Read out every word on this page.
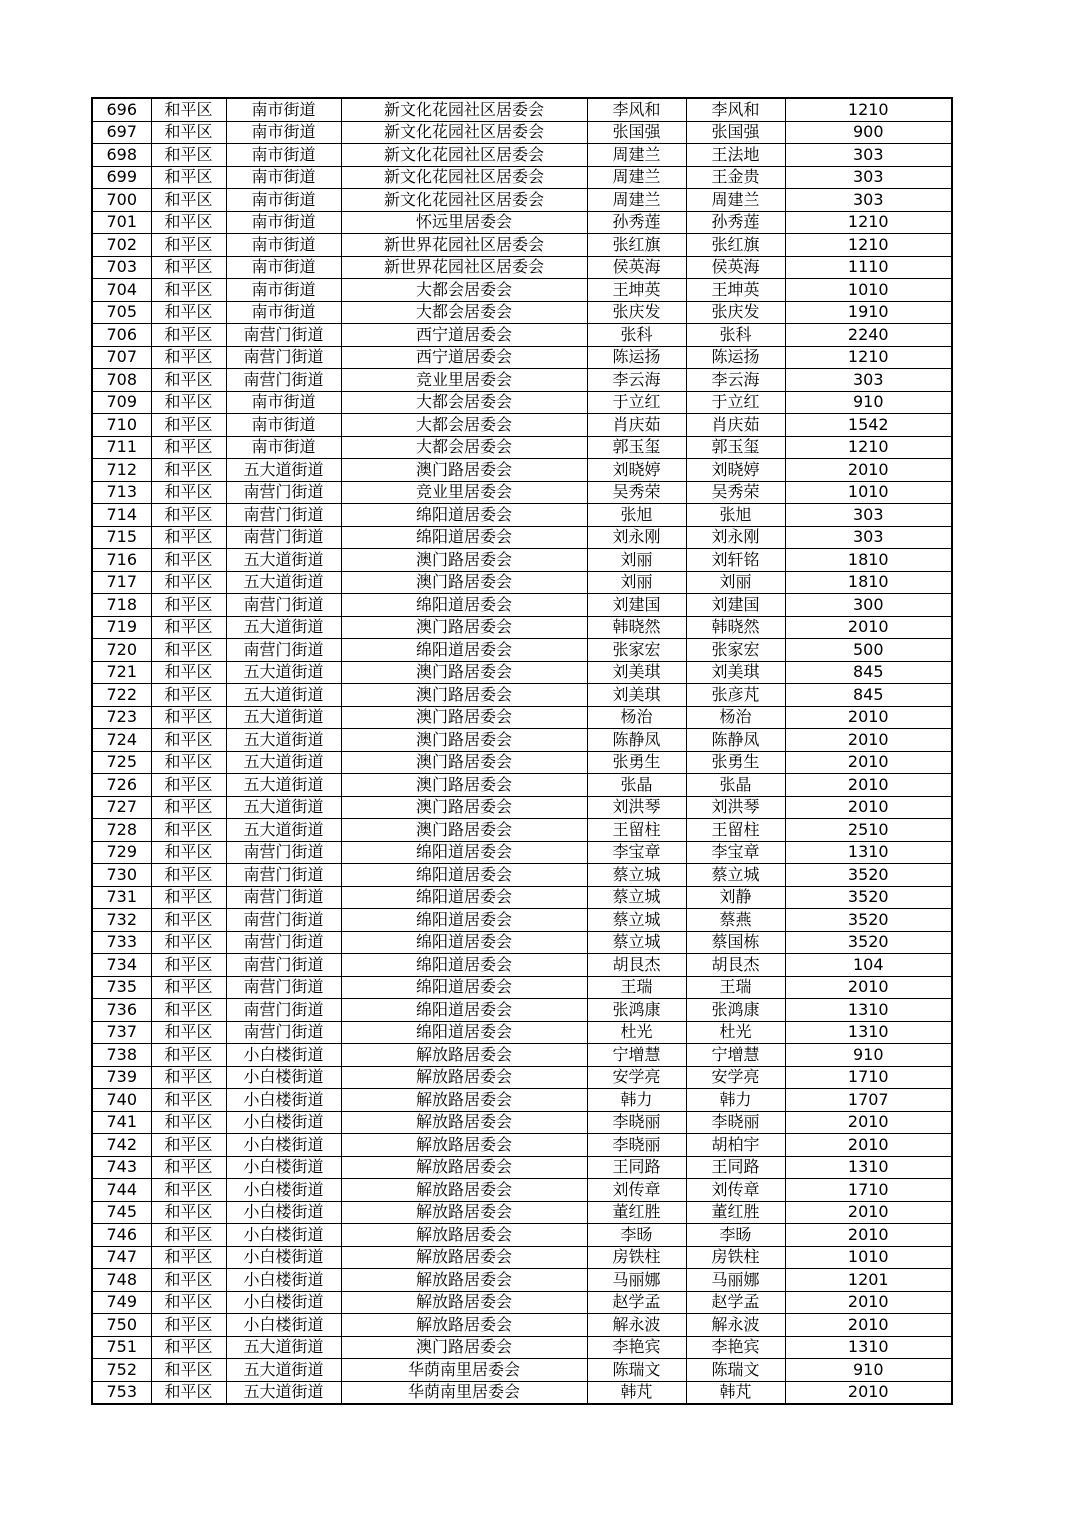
696	和平区	南市街道	新文化花园社区居委会	李风和	李风和	1210
697	和平区	南市街道	新文化花园社区居委会	张国强	张国强	900
698	和平区	南市街道	新文化花园社区居委会	周建兰	王法地	303
699	和平区	南市街道	新文化花园社区居委会	周建兰	王金贵	303
700	和平区	南市街道	新文化花园社区居委会	周建兰	周建兰	303
701	和平区	南市街道	怀远里居委会	孙秀莲	孙秀莲	1210
702	和平区	南市街道	新世界花园社区居委会	张红旗	张红旗	1210
703	和平区	南市街道	新世界花园社区居委会	侯英海	侯英海	1110
704	和平区	南市街道	大都会居委会	王坤英	王坤英	1010
705	和平区	南市街道	大都会居委会	张庆发	张庆发	1910
706	和平区	南营门街道	西宁道居委会	张科	张科	2240
707	和平区	南营门街道	西宁道居委会	陈运扬	陈运扬	1210
708	和平区	南营门街道	竞业里居委会	李云海	李云海	303
709	和平区	南市街道	大都会居委会	于立红	于立红	910
710	和平区	南市街道	大都会居委会	肖庆茹	肖庆茹	1542
711	和平区	南市街道	大都会居委会	郭玉玺	郭玉玺	1210
712	和平区	五大道街道	澳门路居委会	刘晓婷	刘晓婷	2010
713	和平区	南营门街道	竞业里居委会	吴秀荣	吴秀荣	1010
714	和平区	南营门街道	绵阳道居委会	张旭	张旭	303
715	和平区	南营门街道	绵阳道居委会	刘永刚	刘永刚	303
716	和平区	五大道街道	澳门路居委会	刘丽	刘轩铭	1810
717	和平区	五大道街道	澳门路居委会	刘丽	刘丽	1810
718	和平区	南营门街道	绵阳道居委会	刘建国	刘建国	300
719	和平区	五大道街道	澳门路居委会	韩晓然	韩晓然	2010
720	和平区	南营门街道	绵阳道居委会	张家宏	张家宏	500
721	和平区	五大道街道	澳门路居委会	刘美琪	刘美琪	845
722	和平区	五大道街道	澳门路居委会	刘美琪	张彦芃	845
723	和平区	五大道街道	澳门路居委会	杨治	杨治	2010
724	和平区	五大道街道	澳门路居委会	陈静凤	陈静凤	2010
725	和平区	五大道街道	澳门路居委会	张勇生	张勇生	2010
726	和平区	五大道街道	澳门路居委会	张晶	张晶	2010
727	和平区	五大道街道	澳门路居委会	刘洪琴	刘洪琴	2010
728	和平区	五大道街道	澳门路居委会	王留柱	王留柱	2510
729	和平区	南营门街道	绵阳道居委会	李宝章	李宝章	1310
730	和平区	南营门街道	绵阳道居委会	蔡立城	蔡立城	3520
731	和平区	南营门街道	绵阳道居委会	蔡立城	刘静	3520
732	和平区	南营门街道	绵阳道居委会	蔡立城	蔡燕	3520
733	和平区	南营门街道	绵阳道居委会	蔡立城	蔡国栋	3520
734	和平区	南营门街道	绵阳道居委会	胡艮杰	胡艮杰	104
735	和平区	南营门街道	绵阳道居委会	王瑞	王瑞	2010
736	和平区	南营门街道	绵阳道居委会	张鸿康	张鸿康	1310
737	和平区	南营门街道	绵阳道居委会	杜光	杜光	1310
738	和平区	小白楼街道	解放路居委会	宁增慧	宁增慧	910
739	和平区	小白楼街道	解放路居委会	安学亮	安学亮	1710
740	和平区	小白楼街道	解放路居委会	韩力	韩力	1707
741	和平区	小白楼街道	解放路居委会	李晓丽	李晓丽	2010
742	和平区	小白楼街道	解放路居委会	李晓丽	胡柏宇	2010
743	和平区	小白楼街道	解放路居委会	王同路	王同路	1310
744	和平区	小白楼街道	解放路居委会	刘传章	刘传章	1710
745	和平区	小白楼街道	解放路居委会	董红胜	董红胜	2010
746	和平区	小白楼街道	解放路居委会	李旸	李旸	2010
747	和平区	小白楼街道	解放路居委会	房铁柱	房铁柱	1010
748	和平区	小白楼街道	解放路居委会	马丽娜	马丽娜	1201
749	和平区	小白楼街道	解放路居委会	赵学孟	赵学孟	2010
750	和平区	小白楼街道	解放路居委会	解永波	解永波	2010
751	和平区	五大道街道	澳门路居委会	李艳宾	李艳宾	1310
752	和平区	五大道街道	华荫南里居委会	陈瑞文	陈瑞文	910
753	和平区	五大道街道	华荫南里居委会	韩芃	韩芃	2010
